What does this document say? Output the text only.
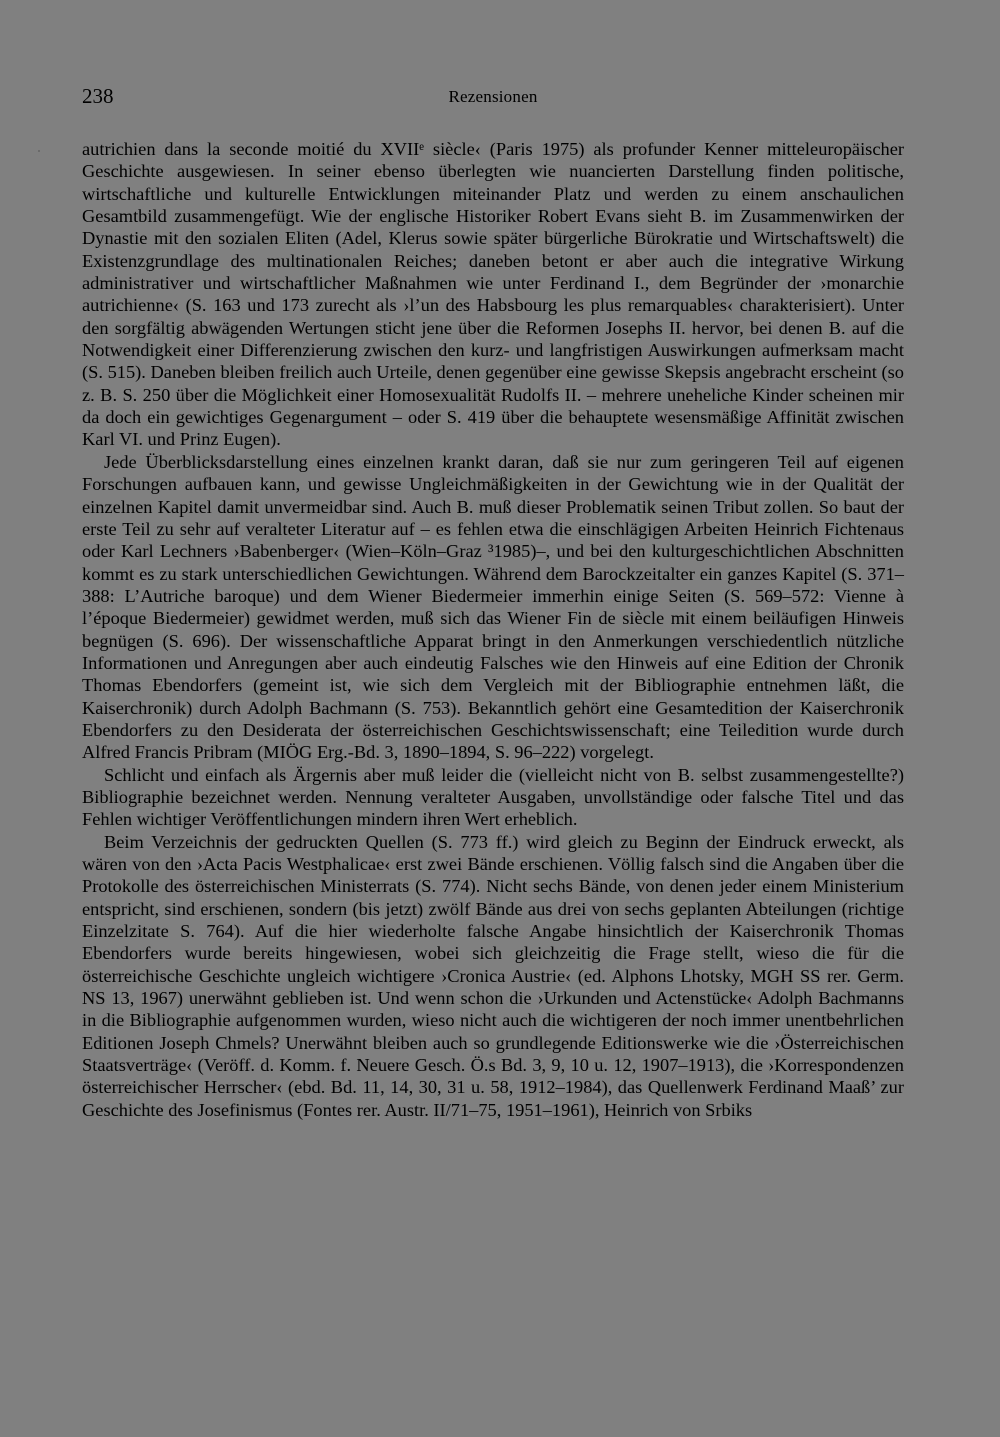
238	Rezensionen

autrichien dans la seconde moitié du XVIIᵉ siècle‹ (Paris 1975) als profunder Kenner mitteleuropäischer Geschichte ausgewiesen. In seiner ebenso überlegten wie nuancierten Darstellung finden politische, wirtschaftliche und kulturelle Entwicklungen miteinander Platz und werden zu einem anschaulichen Gesamtbild zusammengefügt. Wie der englische Historiker Robert Evans sieht B. im Zusammenwirken der Dynastie mit den sozialen Eliten (Adel, Klerus sowie später bürgerliche Bürokratie und Wirtschaftswelt) die Existenzgrundlage des multinationalen Reiches; daneben betont er aber auch die integrative Wirkung administrativer und wirtschaftlicher Maßnahmen wie unter Ferdinand I., dem Begründer der ›monarchie autrichienne‹ (S. 163 und 173 zurecht als ›l’un des Habsbourg les plus remarquables‹ charakterisiert). Unter den sorgfältig abwägenden Wertungen sticht jene über die Reformen Josephs II. hervor, bei denen B. auf die Notwendigkeit einer Differenzierung zwischen den kurz- und langfristigen Auswirkungen aufmerksam macht (S. 515). Daneben bleiben freilich auch Urteile, denen gegenüber eine gewisse Skepsis angebracht erscheint (so z. B. S. 250 über die Möglichkeit einer Homosexualität Rudolfs II. – mehrere uneheliche Kinder scheinen mir da doch ein gewichtiges Gegenargument – oder S. 419 über die behauptete wesensmäßige Affinität zwischen Karl VI. und Prinz Eugen).

Jede Überblicksdarstellung eines einzelnen krankt daran, daß sie nur zum geringeren Teil auf eigenen Forschungen aufbauen kann, und gewisse Ungleichmäßigkeiten in der Gewichtung wie in der Qualität der einzelnen Kapitel damit unvermeidbar sind. Auch B. muß dieser Problematik seinen Tribut zollen. So baut der erste Teil zu sehr auf veralteter Literatur auf – es fehlen etwa die einschlägigen Arbeiten Heinrich Fichtenaus oder Karl Lechners ›Babenberger‹ (Wien–Köln–Graz ³1985)–, und bei den kulturgeschichtlichen Abschnitten kommt es zu stark unterschiedlichen Gewichtungen. Während dem Barockzeitalter ein ganzes Kapitel (S. 371–388: L’Autriche baroque) und dem Wiener Biedermeier immerhin einige Seiten (S. 569–572: Vienne à l’époque Biedermeier) gewidmet werden, muß sich das Wiener Fin de siècle mit einem beiläufigen Hinweis begnügen (S. 696). Der wissenschaftliche Apparat bringt in den Anmerkungen verschiedentlich nützliche Informationen und Anregungen aber auch eindeutig Falsches wie den Hinweis auf eine Edition der Chronik Thomas Ebendorfers (gemeint ist, wie sich dem Vergleich mit der Bibliographie entnehmen läßt, die Kaiserchronik) durch Adolph Bachmann (S. 753). Bekanntlich gehört eine Gesamtedition der Kaiserchronik Ebendorfers zu den Desiderata der österreichischen Geschichtswissenschaft; eine Teiledition wurde durch Alfred Francis Pribram (MIÖG Erg.-Bd. 3, 1890–1894, S. 96–222) vorgelegt.

Schlicht und einfach als Ärgernis aber muß leider die (vielleicht nicht von B. selbst zusammengestellte?) Bibliographie bezeichnet werden. Nennung veralteter Ausgaben, unvollständige oder falsche Titel und das Fehlen wichtiger Veröffentlichungen mindern ihren Wert erheblich.

Beim Verzeichnis der gedruckten Quellen (S. 773 ff.) wird gleich zu Beginn der Eindruck erweckt, als wären von den ›Acta Pacis Westphalicae‹ erst zwei Bände erschienen. Völlig falsch sind die Angaben über die Protokolle des österreichischen Ministerrats (S. 774). Nicht sechs Bände, von denen jeder einem Ministerium entspricht, sind erschienen, sondern (bis jetzt) zwölf Bände aus drei von sechs geplanten Abteilungen (richtige Einzelzitate S. 764). Auf die hier wiederholte falsche Angabe hinsichtlich der Kaiserchronik Thomas Ebendorfers wurde bereits hingewiesen, wobei sich gleichzeitig die Frage stellt, wieso die für die österreichische Geschichte ungleich wichtigere ›Cronica Austrie‹ (ed. Alphons Lhotsky, MGH SS rer. Germ. NS 13, 1967) unerwähnt geblieben ist. Und wenn schon die ›Urkunden und Actenstücke‹ Adolph Bachmanns in die Bibliographie aufgenommen wurden, wieso nicht auch die wichtigeren der noch immer unentbehrlichen Editionen Joseph Chmels? Unerwähnt bleiben auch so grundlegende Editionswerke wie die ›Österreichischen Staatsverträge‹ (Veröff. d. Komm. f. Neuere Gesch. Ö.s Bd. 3, 9, 10 u. 12, 1907–1913), die ›Korrespondenzen österreichischer Herrscher‹ (ebd. Bd. 11, 14, 30, 31 u. 58, 1912–1984), das Quellenwerk Ferdinand Maaß’ zur Geschichte des Josefinismus (Fontes rer. Austr. II/71–75, 1951–1961), Heinrich von Srbiks
